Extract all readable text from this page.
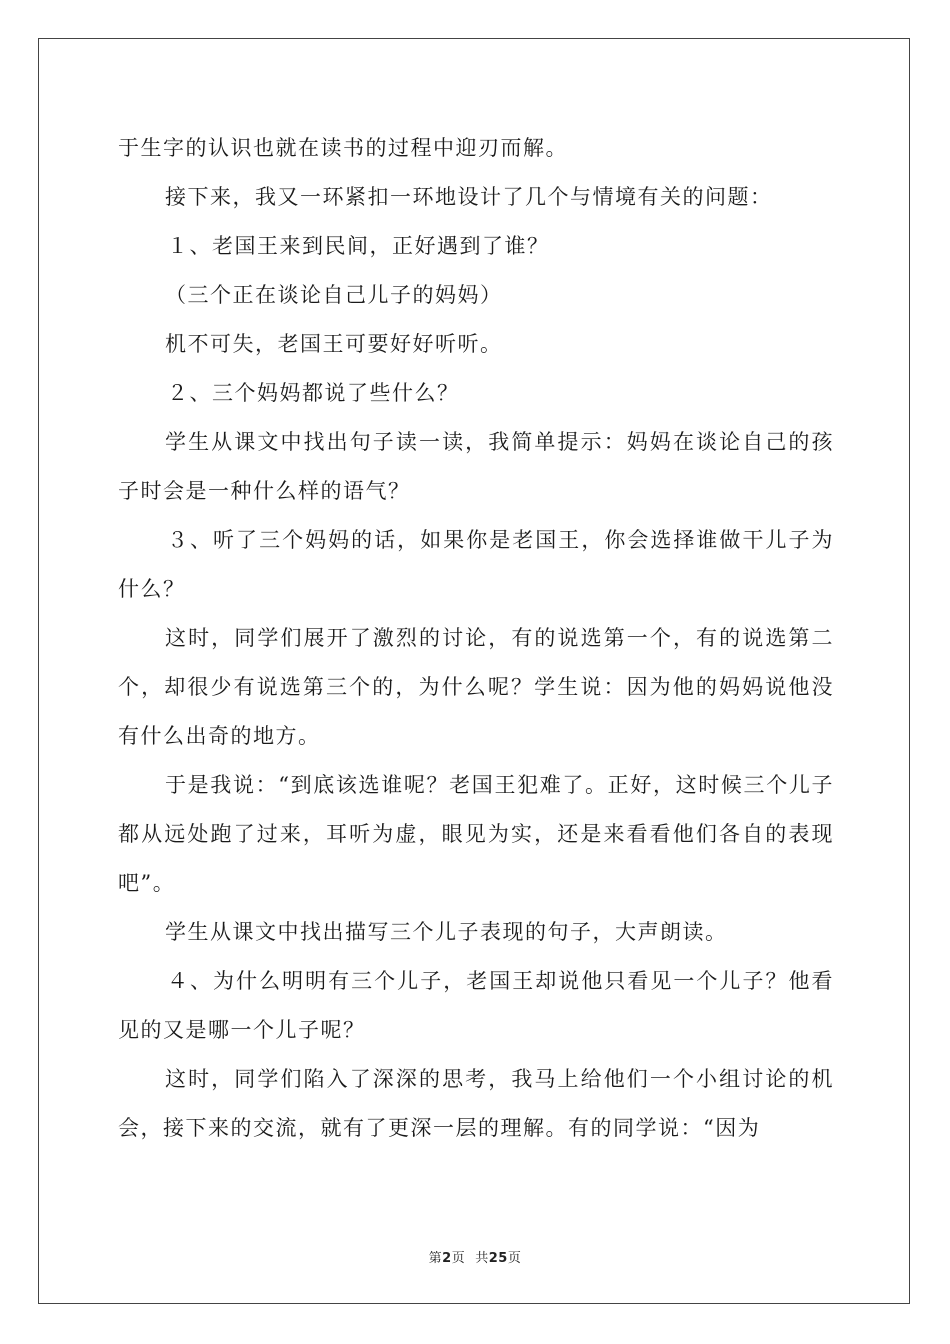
于生字的认识也就在读书的过程中迎刃而解。

接下来，我又一环紧扣一环地设计了几个与情境有关的问题：

１、老国王来到民间，正好遇到了谁？

（三个正在谈论自己儿子的妈妈）

机不可失，老国王可要好好听听。

２、三个妈妈都说了些什么？

学生从课文中找出句子读一读，我简单提示：妈妈在谈论自己的孩子时会是一种什么样的语气？

３、听了三个妈妈的话，如果你是老国王，你会选择谁做干儿子为什么？

这时，同学们展开了激烈的讨论，有的说选第一个，有的说选第二个，却很少有说选第三个的，为什么呢？学生说：因为他的妈妈说他没有什么出奇的地方。

于是我说：“到底该选谁呢？老国王犯难了。正好，这时候三个儿子都从远处跑了过来，耳听为虚，眼见为实，还是来看看他们各自的表现吧”。

学生从课文中找出描写三个儿子表现的句子，大声朗读。

４、为什么明明有三个儿子，老国王却说他只看见一个儿子？他看见的又是哪一个儿子呢？

这时，同学们陷入了深深的思考，我马上给他们一个小组讨论的机会，接下来的交流，就有了更深一层的理解。有的同学说：“因为

第2页 共25页
